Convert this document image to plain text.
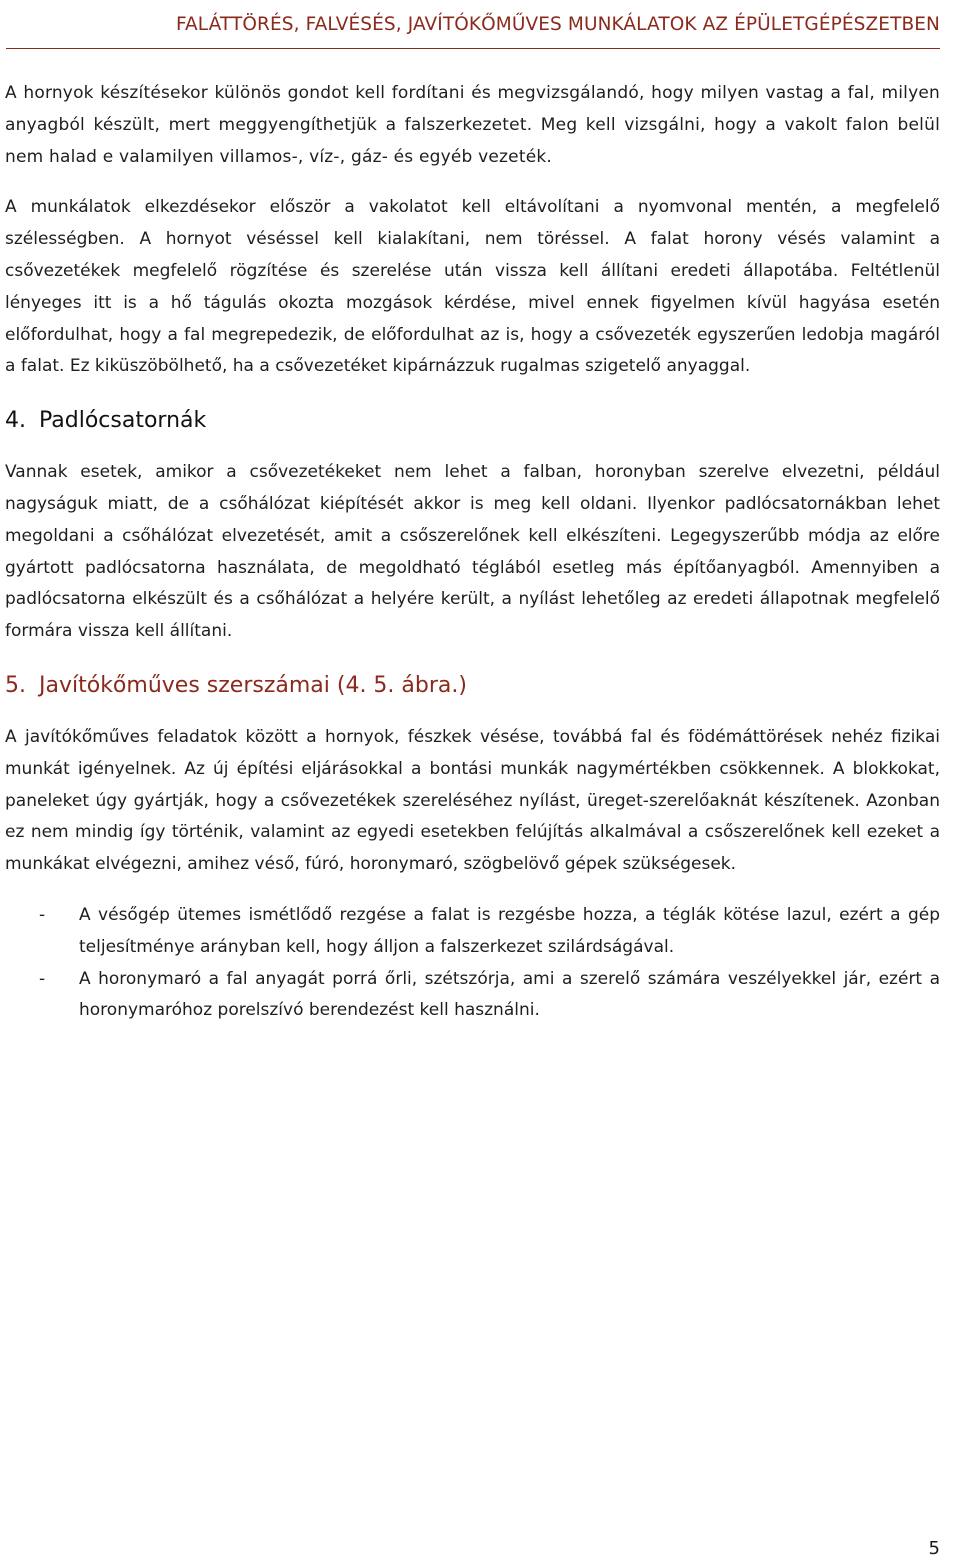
FALÁTTÖRÉS, FALVÉSÉS, JAVÍTÓKŐMŰVES MUNKÁLATOK AZ ÉPÜLETGÉPÉSZETBEN

A hornyok készítésekor különös gondot kell fordítani és megvizsgálandó, hogy milyen vastag a fal, milyen anyagból készült, mert meggyengíthetjük a falszerkezetet. Meg kell vizsgálni, hogy a vakolt falon belül nem halad e valamilyen villamos-, víz-, gáz- és egyéb vezeték.

A munkálatok elkezdésekor először a vakolatot kell eltávolítani a nyomvonal mentén, a megfelelő szélességben. A hornyot véséssel kell kialakítani, nem töréssel. A falat horony vésés valamint a csővezetékek megfelelő rögzítése és szerelése után vissza kell állítani eredeti állapotába. Feltétlenül lényeges itt is a hő tágulás okozta mozgások kérdése, mivel ennek figyelmen kívül hagyása esetén előfordulhat, hogy a fal megrepedezik, de előfordulhat az is, hogy a csővezeték egyszerűen ledobja magáról a falat. Ez kiküszöbölhető, ha a csővezetéket kipárnázzuk rugalmas szigetelő anyaggal.

4. Padlócsatornák

Vannak esetek, amikor a csővezetékeket nem lehet a falban, horonyban szerelve elvezetni, például nagyságuk miatt, de a csőhálózat kiépítését akkor is meg kell oldani. Ilyenkor padlócsatornákban lehet megoldani a csőhálózat elvezetését, amit a csőszerelőnek kell elkészíteni. Legegyszerűbb módja az előre gyártott padlócsatorna használata, de megoldható téglából esetleg más építőanyagból. Amennyiben a padlócsatorna elkészült és a csőhálózat a helyére került, a nyílást lehetőleg az eredeti állapotnak megfelelő formára vissza kell állítani.

5. Javítókőműves szerszámai (4. 5. ábra.)

A javítókőműves feladatok között a hornyok, fészkek vésése, továbbá fal és födémáttörések nehéz fizikai munkát igényelnek. Az új építési eljárásokkal a bontási munkák nagymértékben csökkennek. A blokkokat, paneleket úgy gyártják, hogy a csővezetékek szereléséhez nyílást, üreget-szerelőaknát készítenek. Azonban ez nem mindig így történik, valamint az egyedi esetekben felújítás alkalmával a csőszerelőnek kell ezeket a munkákat elvégezni, amihez véső, fúró, horonymaró, szögbelövő gépek szükségesek.

- A vésőgép ütemes ismétlődő rezgése a falat is rezgésbe hozza, a téglák kötése lazul, ezért a gép teljesítménye arányban kell, hogy álljon a falszerkezet szilárdságával.
- A horonymaró a fal anyagát porrá őrli, szétszórja, ami a szerelő számára veszélyekkel jár, ezért a horonymaróhoz porelszívó berendezést kell használni.
5
